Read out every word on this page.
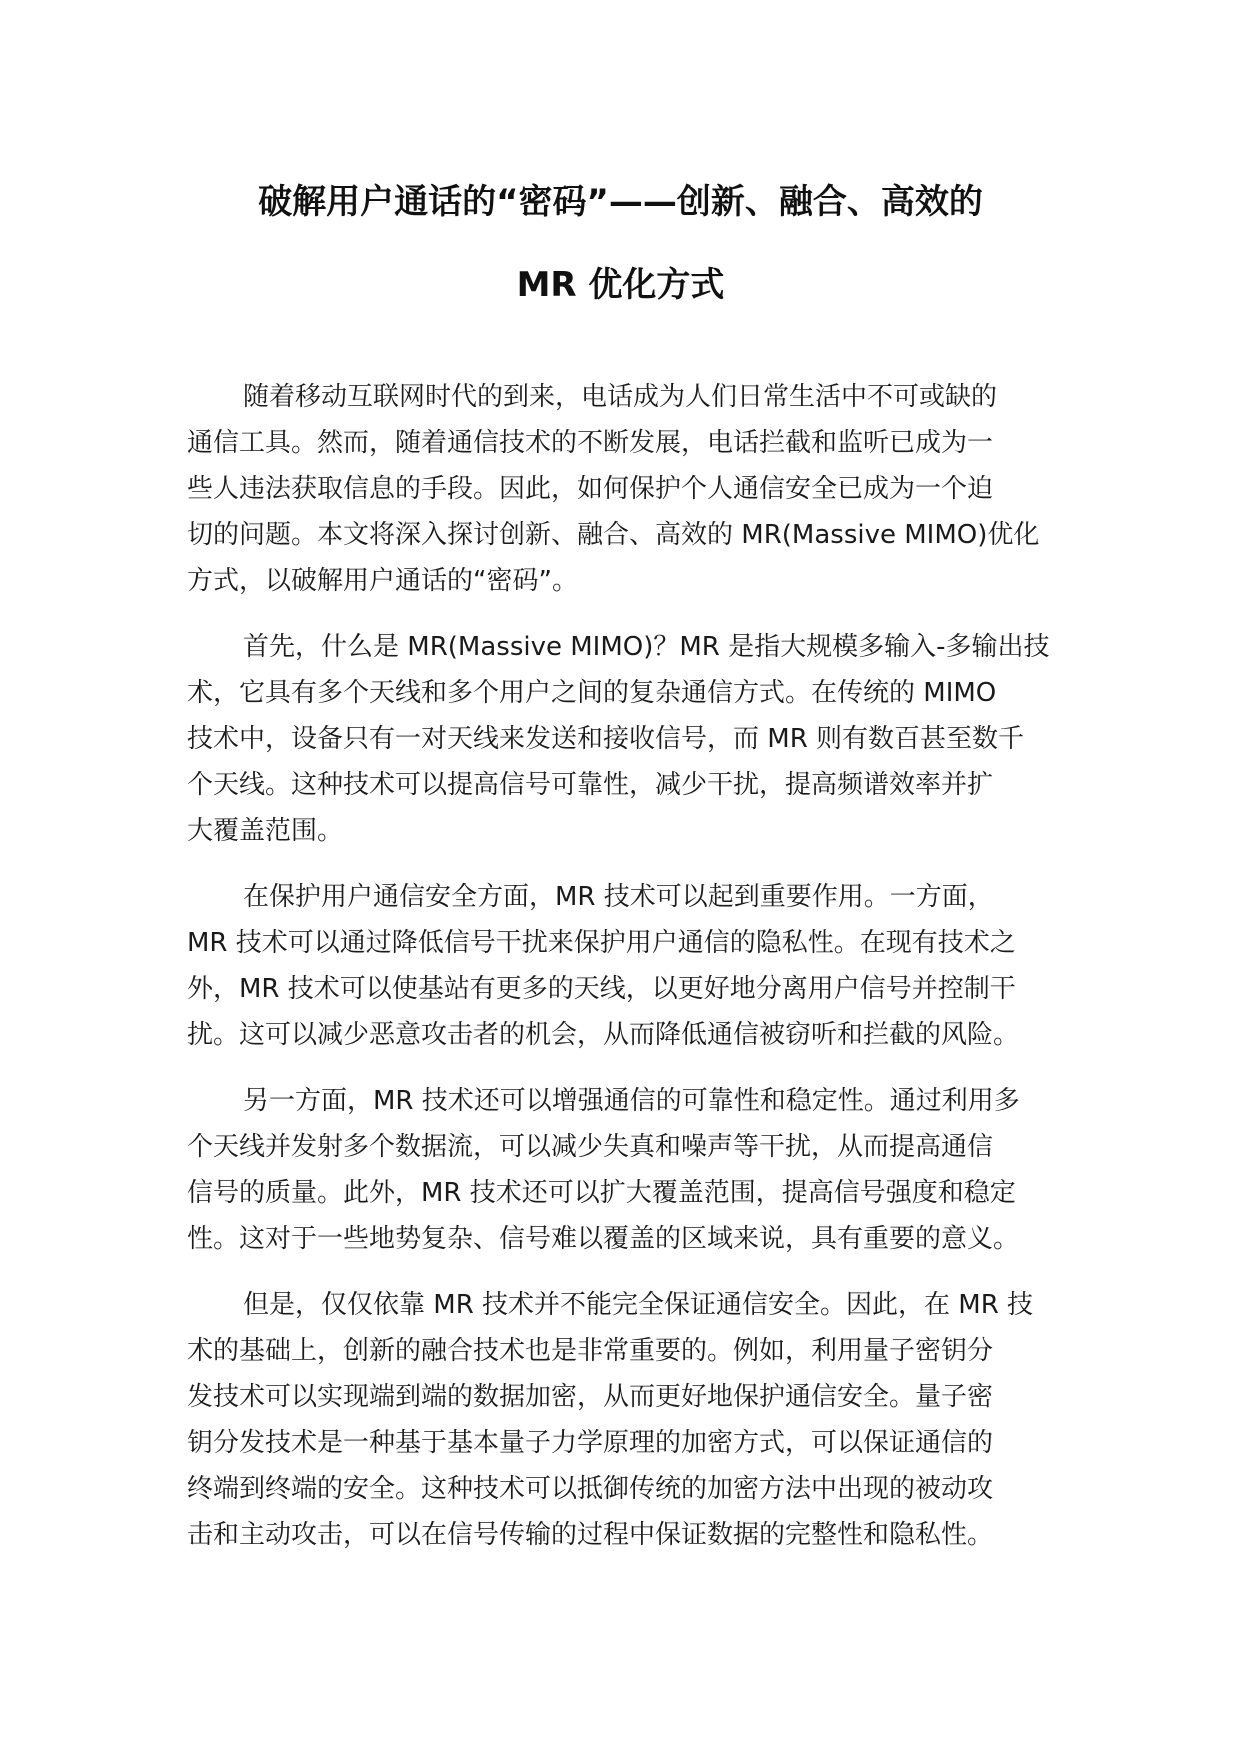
破解用户通话的“密码”——创新、融合、高效的
MR 优化方式
随着移动互联网时代的到来，电话成为人们日常生活中不可或缺的
通信工具。然而，随着通信技术的不断发展，电话拦截和监听已成为一
些人违法获取信息的手段。因此，如何保护个人通信安全已成为一个迫
切的问题。本文将深入探讨创新、融合、高效的 MR(Massive MIMO)优化
方式，以破解用户通话的“密码”。
首先，什么是 MR(Massive MIMO)？MR 是指大规模多输入-多输出技
术，它具有多个天线和多个用户之间的复杂通信方式。在传统的 MIMO
技术中，设备只有一对天线来发送和接收信号，而 MR 则有数百甚至数千
个天线。这种技术可以提高信号可靠性，减少干扰，提高频谱效率并扩
大覆盖范围。
在保护用户通信安全方面，MR 技术可以起到重要作用。一方面，
MR 技术可以通过降低信号干扰来保护用户通信的隐私性。在现有技术之
外，MR 技术可以使基站有更多的天线，以更好地分离用户信号并控制干
扰。这可以减少恶意攻击者的机会，从而降低通信被窃听和拦截的风险。
另一方面，MR 技术还可以增强通信的可靠性和稳定性。通过利用多
个天线并发射多个数据流，可以减少失真和噪声等干扰，从而提高通信
信号的质量。此外，MR 技术还可以扩大覆盖范围，提高信号强度和稳定
性。这对于一些地势复杂、信号难以覆盖的区域来说，具有重要的意义。
但是，仅仅依靠 MR 技术并不能完全保证通信安全。因此，在 MR 技
术的基础上，创新的融合技术也是非常重要的。例如，利用量子密钥分
发技术可以实现端到端的数据加密，从而更好地保护通信安全。量子密
钥分发技术是一种基于基本量子力学原理的加密方式，可以保证通信的
终端到终端的安全。这种技术可以抵御传统的加密方法中出现的被动攻
击和主动攻击，可以在信号传输的过程中保证数据的完整性和隐私性。
